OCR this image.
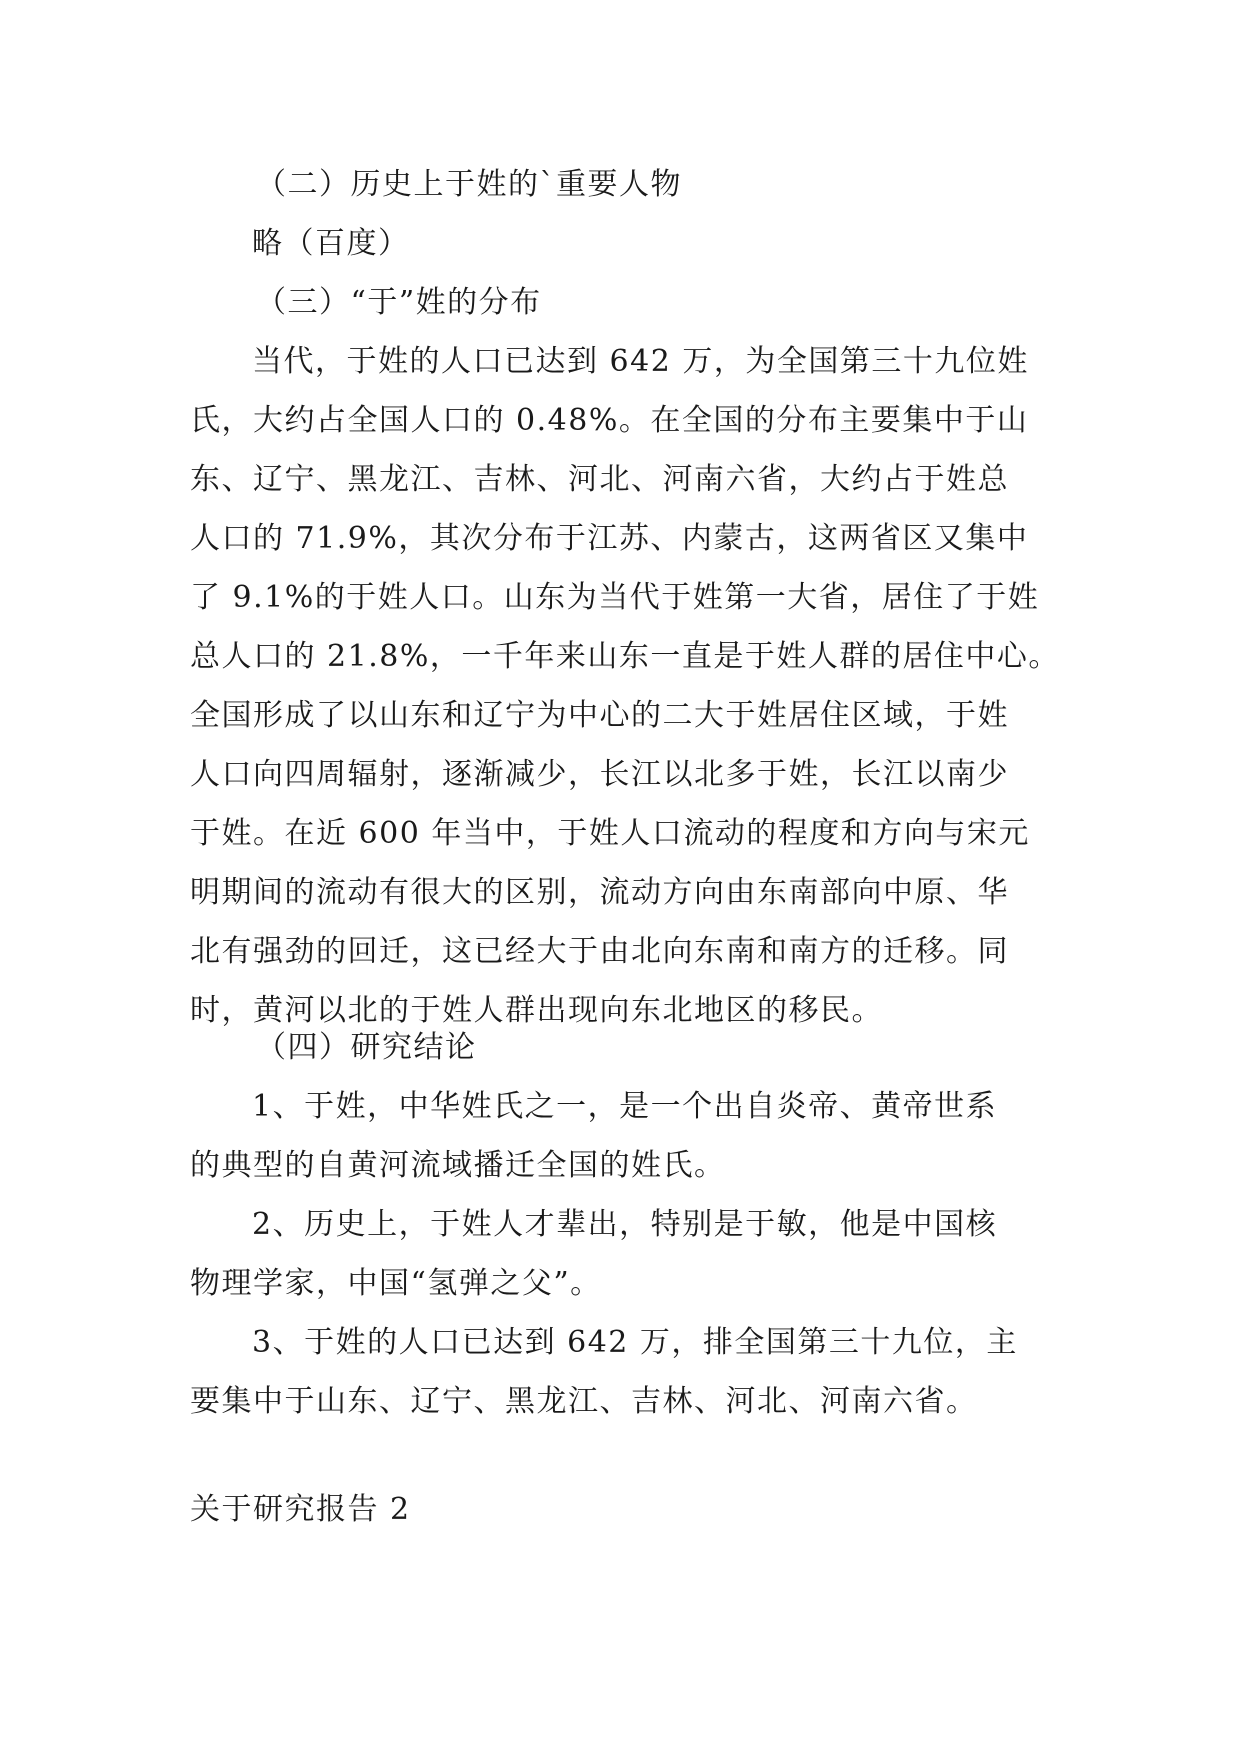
（二）历史上于姓的`重要人物
略（百度）
（三）“于”姓的分布
当代，于姓的人口已达到 642 万，为全国第三十九位姓
氏，大约占全国人口的 0.48%。在全国的分布主要集中于山
东、辽宁、黑龙江、吉林、河北、河南六省，大约占于姓总
人口的 71.9%，其次分布于江苏、内蒙古，这两省区又集中
了 9.1%的于姓人口。山东为当代于姓第一大省，居住了于姓
总人口的 21.8%，一千年来山东一直是于姓人群的居住中心。
全国形成了以山东和辽宁为中心的二大于姓居住区域，于姓
人口向四周辐射，逐渐减少，长江以北多于姓，长江以南少
于姓。在近 600 年当中，于姓人口流动的程度和方向与宋元
明期间的流动有很大的区别，流动方向由东南部向中原、华
北有强劲的回迁，这已经大于由北向东南和南方的迁移。同
时，黄河以北的于姓人群出现向东北地区的移民。
（四）研究结论
1、于姓，中华姓氏之一，是一个出自炎帝、黄帝世系
的典型的自黄河流域播迁全国的姓氏。
2、历史上，于姓人才辈出，特别是于敏，他是中国核
物理学家，中国“氢弹之父”。
3、于姓的人口已达到 642 万，排全国第三十九位，主
要集中于山东、辽宁、黑龙江、吉林、河北、河南六省。
关于研究报告 2
